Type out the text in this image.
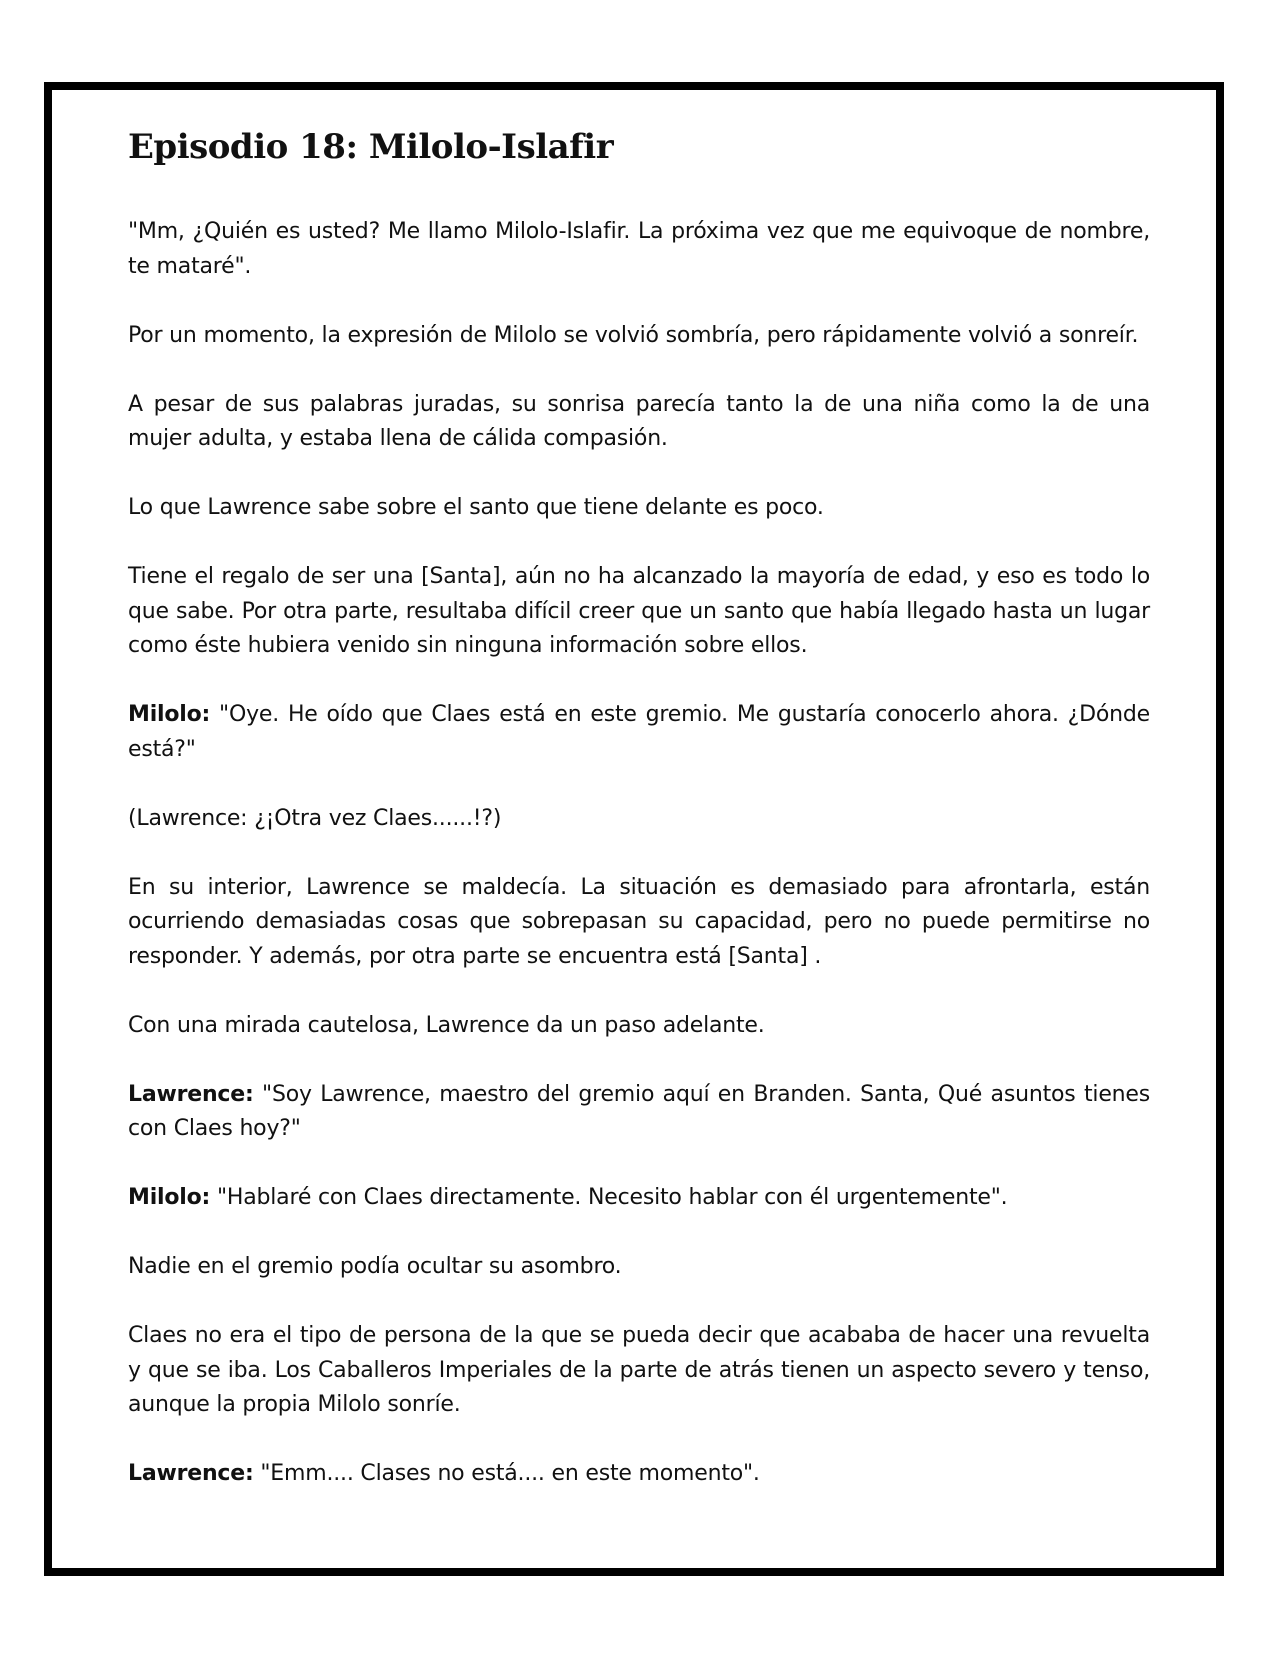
Episodio 18: Milolo-Islafir

"Mm, ¿Quién es usted? Me llamo Milolo-Islafir. La próxima vez que me equivoque de nombre, te mataré".

Por un momento, la expresión de Milolo se volvió sombría, pero rápidamente volvió a sonreír.

A pesar de sus palabras juradas, su sonrisa parecía tanto la de una niña como la de una mujer adulta, y estaba llena de cálida compasión.

Lo que Lawrence sabe sobre el santo que tiene delante es poco.

Tiene el regalo de ser una [Santa], aún no ha alcanzado la mayoría de edad, y eso es todo lo que sabe. Por otra parte, resultaba difícil creer que un santo que había llegado hasta un lugar como éste hubiera venido sin ninguna información sobre ellos.

Milolo: "Oye. He oído que Claes está en este gremio. Me gustaría conocerlo ahora. ¿Dónde está?"

(Lawrence: ¿¡Otra vez Claes......!?)

En su interior, Lawrence se maldecía. La situación es demasiado para afrontarla, están ocurriendo demasiadas cosas que sobrepasan su capacidad, pero no puede permitirse no responder. Y además, por otra parte se encuentra está [Santa] .

Con una mirada cautelosa, Lawrence da un paso adelante.

Lawrence: "Soy Lawrence, maestro del gremio aquí en Branden. Santa, Qué asuntos tienes con Claes hoy?"

Milolo: "Hablaré con Claes directamente. Necesito hablar con él urgentemente".

Nadie en el gremio podía ocultar su asombro.

Claes no era el tipo de persona de la que se pueda decir que acababa de hacer una revuelta y que se iba. Los Caballeros Imperiales de la parte de atrás tienen un aspecto severo y tenso, aunque la propia Milolo sonríe.

Lawrence: "Emm.... Clases no está.... en este momento".
